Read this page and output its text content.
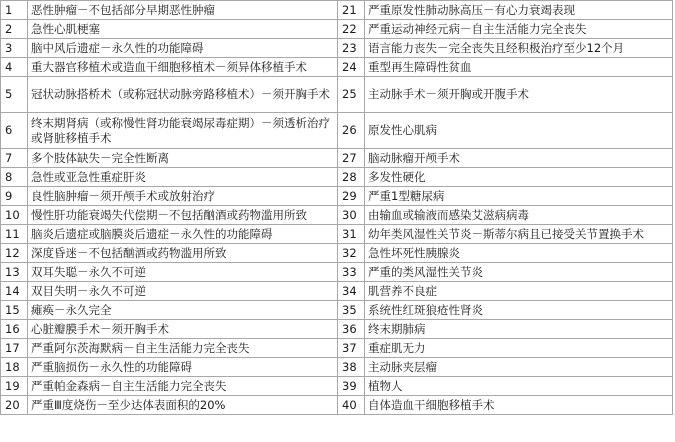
1	恶性肿瘤－不包括部分早期恶性肿瘤	21	严重原发性肺动脉高压－有心力衰竭表现
2	急性心肌梗塞	22	严重运动神经元病－自主生活能力完全丧失
3	脑中风后遗症－永久性的功能障碍	23	语言能力丧失－完全丧失且经积极治疗至少12个月
4	重大器官移植术或造血干细胞移植术－须异体移植手术	24	重型再生障碍性贫血
5	冠状动脉搭桥术（或称冠状动脉旁路移植术）－须开胸手术	25	主动脉手术－须开胸或开腹手术
6	终末期肾病（或称慢性肾功能衰竭尿毒症期）－须透析治疗或肾脏移植手术	26	原发性心肌病
7	多个肢体缺失－完全性断离	27	脑动脉瘤开颅手术
8	急性或亚急性重症肝炎	28	多发性硬化
9	良性脑肿瘤－须开颅手术或放射治疗	29	严重1型糖尿病
10	慢性肝功能衰竭失代偿期－不包括酗酒或药物滥用所致	30	由输血或输液而感染艾滋病病毒
11	脑炎后遗症或脑膜炎后遗症－永久性的功能障碍	31	幼年类风湿性关节炎－斯蒂尔病且已接受关节置换手术
12	深度昏迷－不包括酗酒或药物滥用所致	32	急性坏死性胰腺炎
13	双耳失聪－永久不可逆	33	严重的类风湿性关节炎
14	双目失明－永久不可逆	34	肌营养不良症
15	瘫痪－永久完全	35	系统性红斑狼疮性肾炎
16	心脏瓣膜手术－须开胸手术	36	终末期肺病
17	严重阿尔茨海默病－自主生活能力完全丧失	37	重症肌无力
18	严重脑损伤－永久性的功能障碍	38	主动脉夹层瘤
19	严重帕金森病－自主生活能力完全丧失	39	植物人
20	严重Ⅲ度烧伤－至少达体表面积的20%	40	自体造血干细胞移植手术
